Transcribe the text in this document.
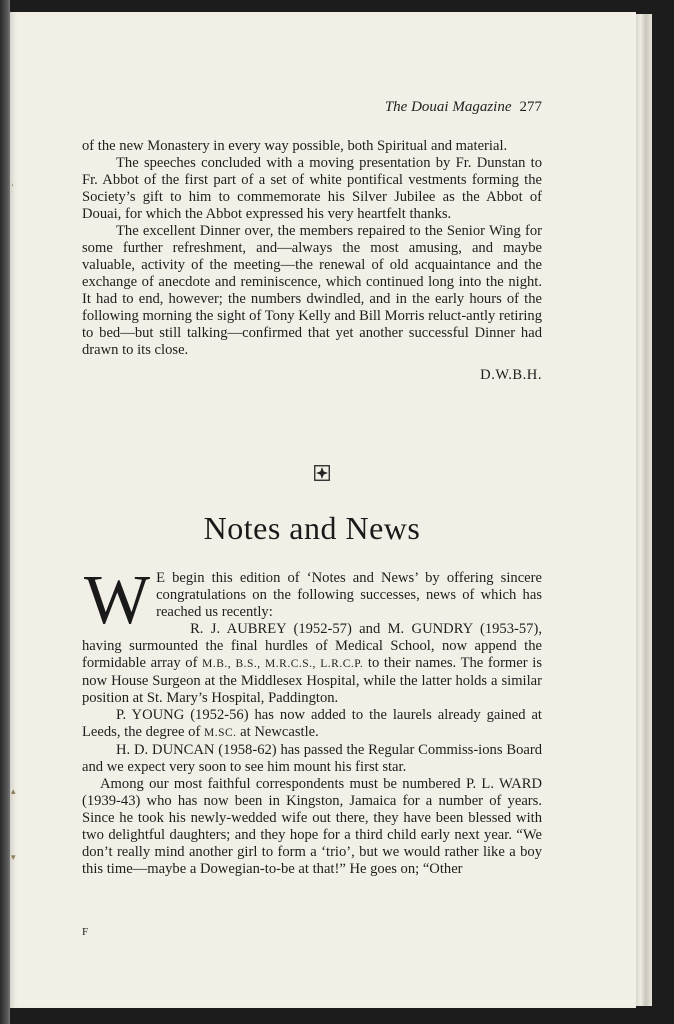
‘
▴
▾
The Douai Magazine 277

of the new Monastery in every way possible, both Spiritual and material.

The speeches concluded with a moving presentation by Fr. Dunstan to Fr. Abbot of the first part of a set of white pontifical vestments forming the Society’s gift to him to commemorate his Silver Jubilee as the Abbot of Douai, for which the Abbot expressed his very heartfelt thanks.

The excellent Dinner over, the members repaired to the Senior Wing for some further refreshment, and—always the most amusing, and maybe valuable, activity of the meeting—the renewal of old acquaintance and the exchange of anecdote and reminiscence, which continued long into the night. It had to end, however; the numbers dwindled, and in the early hours of the following morning the sight of Tony Kelly and Bill Morris reluct-antly retiring to bed—but still talking—confirmed that yet another successful Dinner had drawn to its close.

D.W.B.H.

Notes and News

W E begin this edition of ‘Notes and News’ by offering sincere congratulations on the following successes, news of which has reached us recently:

R. J. AUBREY (1952-57) and M. GUNDRY (1953-57), having surmounted the final hurdles of Medical School, now append the formidable array of M.B., B.S., M.R.C.S., L.R.C.P. to their names. The former is now House Surgeon at the Middlesex Hospital, while the latter holds a similar position at St. Mary’s Hospital, Paddington.

P. YOUNG (1952-56) has now added to the laurels already gained at Leeds, the degree of M.SC. at Newcastle.

H. D. DUNCAN (1958-62) has passed the Regular Commiss-ions Board and we expect very soon to see him mount his first star.

Among our most faithful correspondents must be numbered P. L. WARD (1939-43) who has now been in Kingston, Jamaica for a number of years. Since he took his newly-wedded wife out there, they have been blessed with two delightful daughters; and they hope for a third child early next year. “We don’t really mind another girl to form a ‘trio’, but we would rather like a boy this time—maybe a Dowegian-to-be at that!” He goes on; “Other

F
